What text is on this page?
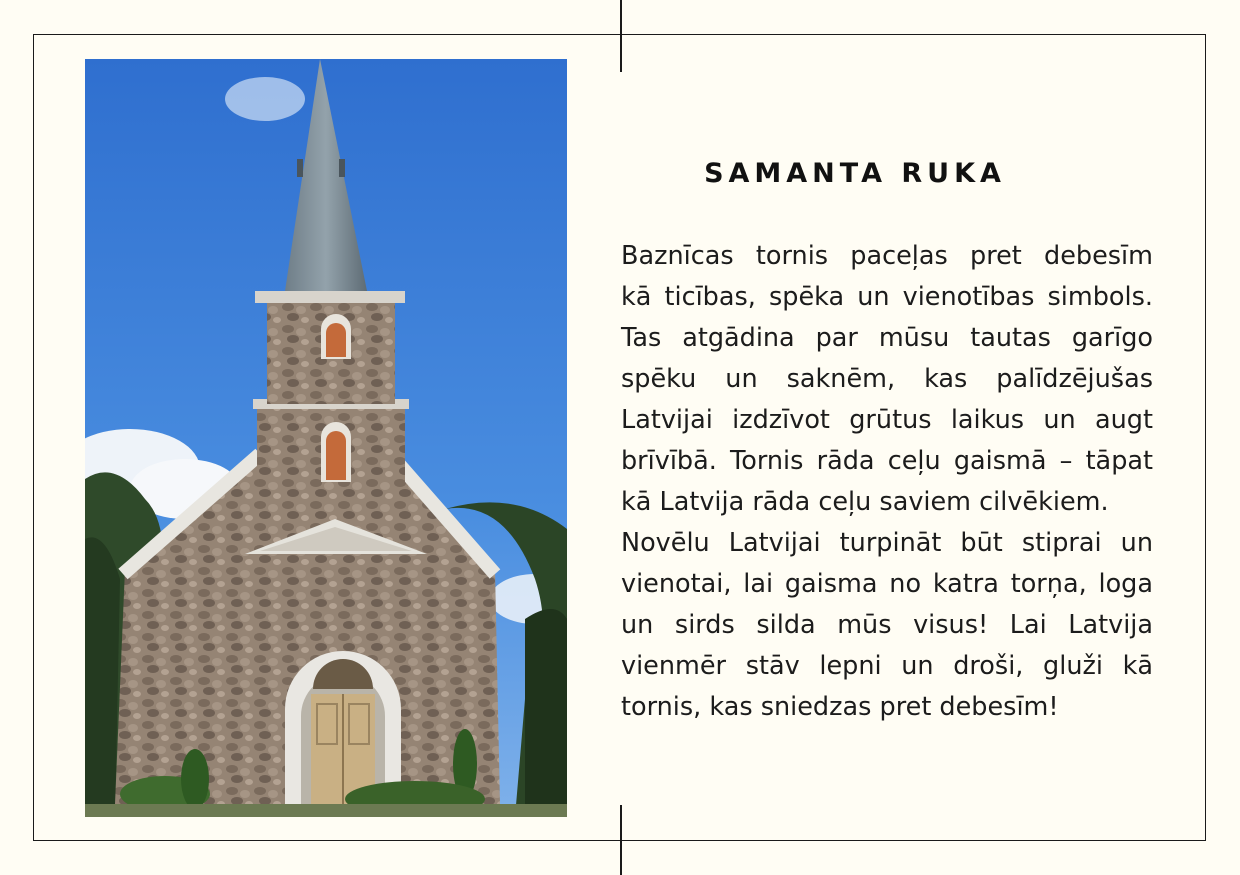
SAMANTA RUKA
Baznīcas tornis paceļas pret debesīm
kā ticības, spēka un vienotības simbols.
Tas atgādina par mūsu tautas garīgo
spēku un saknēm, kas palīdzējušas
Latvijai izdzīvot grūtus laikus un augt
brīvībā. Tornis rāda ceļu gaismā – tāpat
kā Latvija rāda ceļu saviem cilvēkiem.
Novēlu Latvijai turpināt būt stiprai un
vienotai, lai gaisma no katra torņa, loga
un sirds silda mūs visus! Lai Latvija
vienmēr stāv lepni un droši, gluži kā
tornis, kas sniedzas pret debesīm!
